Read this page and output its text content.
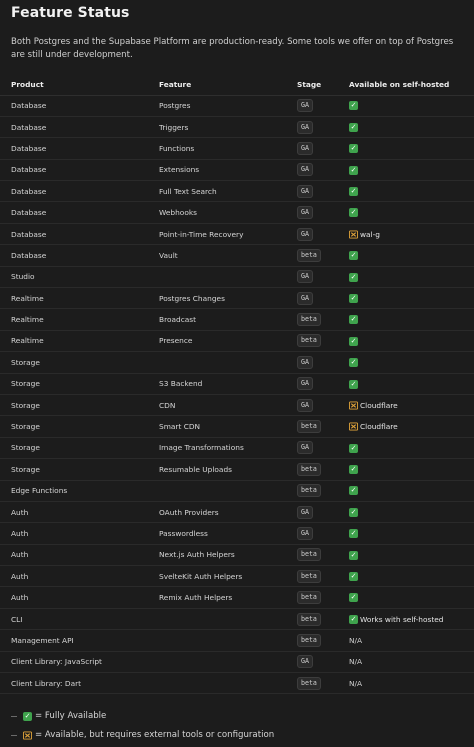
Feature Status

Both Postgres and the Supabase Platform are production-ready. Some tools we offer on top of Postgres are still under development.

Product	Feature	Stage	Available on self-hosted
Database	Postgres	GA	✓
Database	Triggers	GA	✓
Database	Functions	GA	✓
Database	Extensions	GA	✓
Database	Full Text Search	GA	✓
Database	Webhooks	GA	✓
Database	Point-in-Time Recovery	GA	wal-g
Database	Vault	beta	✓
Studio		GA	✓
Realtime	Postgres Changes	GA	✓
Realtime	Broadcast	beta	✓
Realtime	Presence	beta	✓
Storage		GA	✓
Storage	S3 Backend	GA	✓
Storage	CDN	GA	Cloudflare
Storage	Smart CDN	beta	Cloudflare
Storage	Image Transformations	GA	✓
Storage	Resumable Uploads	beta	✓
Edge Functions		beta	✓
Auth	OAuth Providers	GA	✓
Auth	Passwordless	GA	✓
Auth	Next.js Auth Helpers	beta	✓
Auth	SvelteKit Auth Helpers	beta	✓
Auth	Remix Auth Helpers	beta	✓
CLI		beta	✓ Works with self-hosted
Management API		beta	N/A
Client Library: JavaScript		GA	N/A
Client Library: Dart		beta	N/A
✓ = Fully Available
= Available, but requires external tools or configuration
